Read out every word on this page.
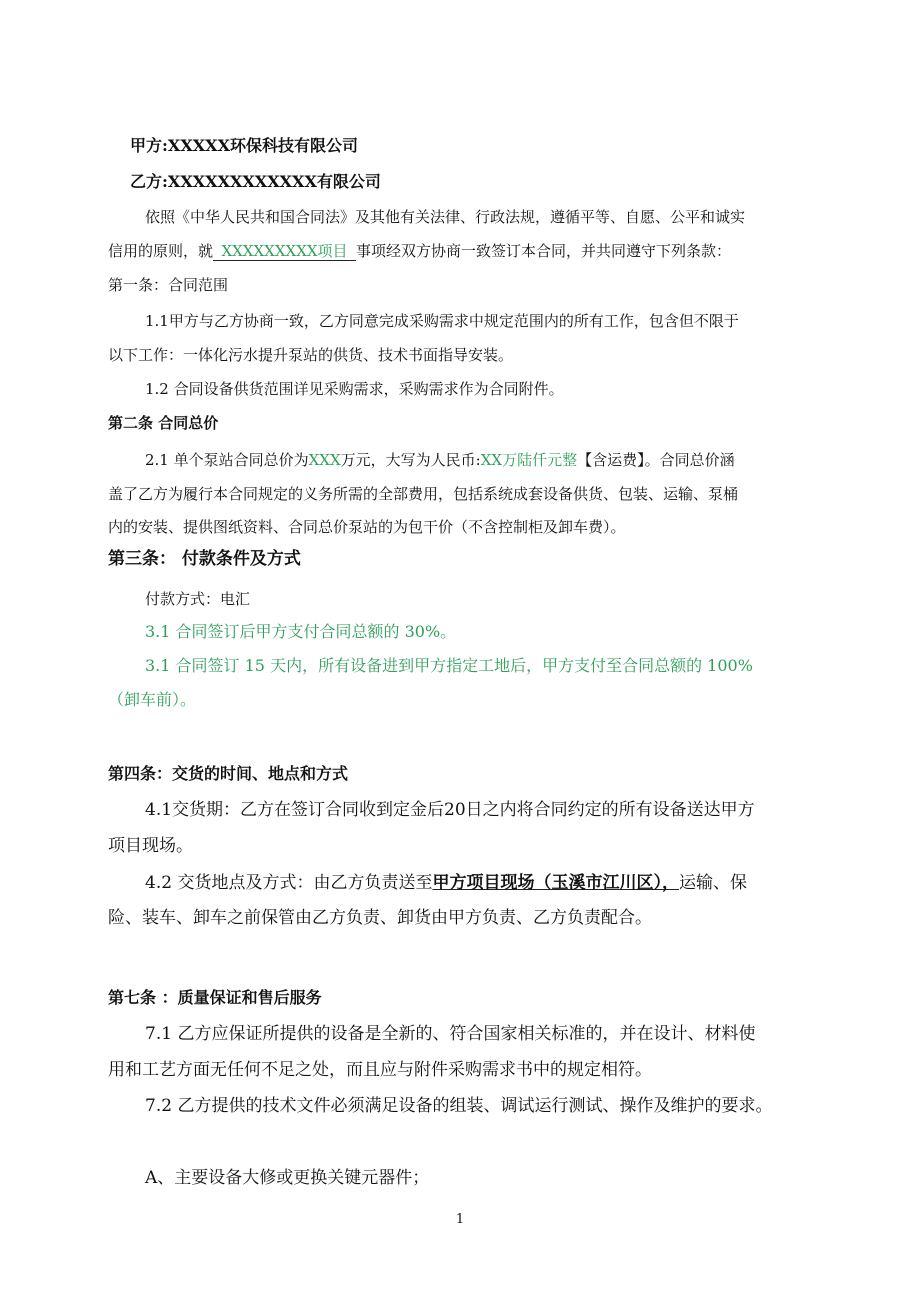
甲方:XXXXX环保科技有限公司
乙方:XXXXXXXXXXXX有限公司
依照《中华人民共和国合同法》及其他有关法律、行政法规，遵循平等、自愿、公平和诚实
信用的原则，就 XXXXXXXXX项目 事项经双方协商一致签订本合同，并共同遵守下列条款：
第一条：合同范围
1.1甲方与乙方协商一致，乙方同意完成采购需求中规定范围内的所有工作，包含但不限于
以下工作：一体化污水提升泵站的供货、技术书面指导安装。
1.2 合同设备供货范围详见采购需求，采购需求作为合同附件。
第二条 合同总价
2.1 单个泵站合同总价为XXX万元，大写为人民币:XX万陆仟元整【含运费】。合同总价涵
盖了乙方为履行本合同规定的义务所需的全部费用，包括系统成套设备供货、包装、运输、泵桶
内的安装、提供图纸资料、合同总价泵站的为包干价（不含控制柜及卸车费）。
第三条： 付款条件及方式
付款方式：电汇
3.1 合同签订后甲方支付合同总额的 30%。
3.1 合同签订 15 天内，所有设备进到甲方指定工地后，甲方支付至合同总额的 100%
（卸车前）。
第四条：交货的时间、地点和方式
4.1交货期：乙方在签订合同收到定金后20日之内将合同约定的所有设备送达甲方
项目现场。
4.2 交货地点及方式：由乙方负责送至甲方项目现场（玉溪市江川区），运输、保
险、装车、卸车之前保管由乙方负责、卸货由甲方负责、乙方负责配合。
第七条 ：质量保证和售后服务
7.1 乙方应保证所提供的设备是全新的、符合国家相关标准的，并在设计、材料使
用和工艺方面无任何不足之处，而且应与附件采购需求书中的规定相符。
7.2 乙方提供的技术文件必须满足设备的组装、调试运行测试、操作及维护的要求。
A、主要设备大修或更换关键元器件；
1
